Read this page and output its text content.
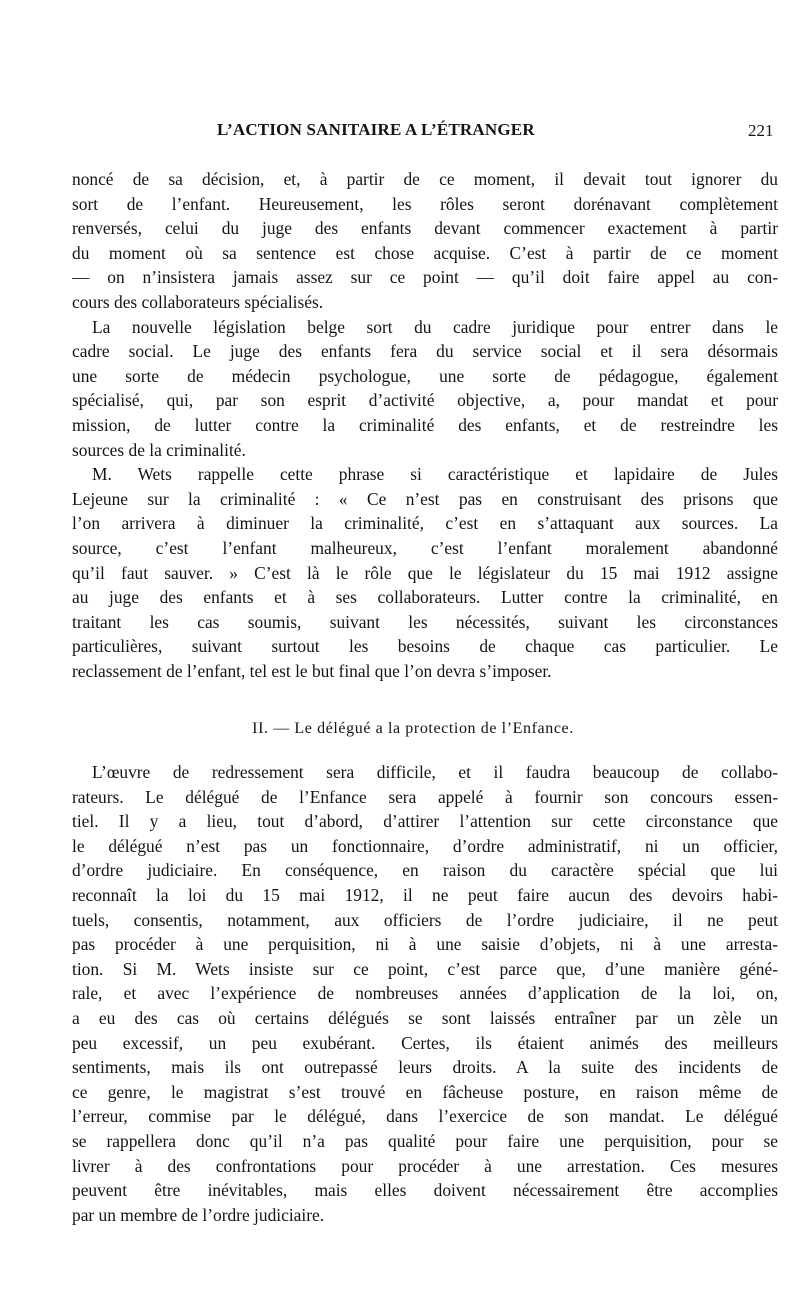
L’ACTION SANITAIRE A L’ÉTRANGER	221
noncé de sa décision, et, à partir de ce moment, il devait tout ignorer du
sort de l’enfant. Heureusement, les rôles seront dorénavant complètement
renversés, celui du juge des enfants devant commencer exactement à partir
du moment où sa sentence est chose acquise. C’est à partir de ce moment
— on n’insistera jamais assez sur ce point — qu’il doit faire appel au con-
cours des collaborateurs spécialisés.
La nouvelle législation belge sort du cadre juridique pour entrer dans le
cadre social. Le juge des enfants fera du service social et il sera désormais
une sorte de médecin psychologue, une sorte de pédagogue, également
spécialisé, qui, par son esprit d’activité objective, a, pour mandat et pour
mission, de lutter contre la criminalité des enfants, et de restreindre les
sources de la criminalité.
M. Wets rappelle cette phrase si caractéristique et lapidaire de Jules
Lejeune sur la criminalité : « Ce n’est pas en construisant des prisons que
l’on arrivera à diminuer la criminalité, c’est en s’attaquant aux sources. La
source, c’est l’enfant malheureux, c’est l’enfant moralement abandonné
qu’il faut sauver. » C’est là le rôle que le législateur du 15 mai 1912 assigne
au juge des enfants et à ses collaborateurs. Lutter contre la criminalité, en
traitant les cas soumis, suivant les nécessités, suivant les circonstances
particulières, suivant surtout les besoins de chaque cas particulier. Le
reclassement de l’enfant, tel est le but final que l’on devra s’imposer.
II. — Le délégué a la protection de l’Enfance.
L’œuvre de redressement sera difficile, et il faudra beaucoup de collabo-
rateurs. Le délégué de l’Enfance sera appelé à fournir son concours essen-
tiel. Il y a lieu, tout d’abord, d’attirer l’attention sur cette circonstance que
le délégué n’est pas un fonctionnaire, d’ordre administratif, ni un officier,
d’ordre judiciaire. En conséquence, en raison du caractère spécial que lui
reconnaît la loi du 15 mai 1912, il ne peut faire aucun des devoirs habi-
tuels, consentis, notamment, aux officiers de l’ordre judiciaire, il ne peut
pas procéder à une perquisition, ni à une saisie d’objets, ni à une arresta-
tion. Si M. Wets insiste sur ce point, c’est parce que, d’une manière géné-
rale, et avec l’expérience de nombreuses années d’application de la loi, on,
a eu des cas où certains délégués se sont laissés entraîner par un zèle un
peu excessif, un peu exubérant. Certes, ils étaient animés des meilleurs
sentiments, mais ils ont outrepassé leurs droits. A la suite des incidents de
ce genre, le magistrat s’est trouvé en fâcheuse posture, en raison même de
l’erreur, commise par le délégué, dans l’exercice de son mandat. Le délégué
se rappellera donc qu’il n’a pas qualité pour faire une perquisition, pour se
livrer à des confrontations pour procéder à une arrestation. Ces mesures
peuvent être inévitables, mais elles doivent nécessairement être accomplies
par un membre de l’ordre judiciaire.
